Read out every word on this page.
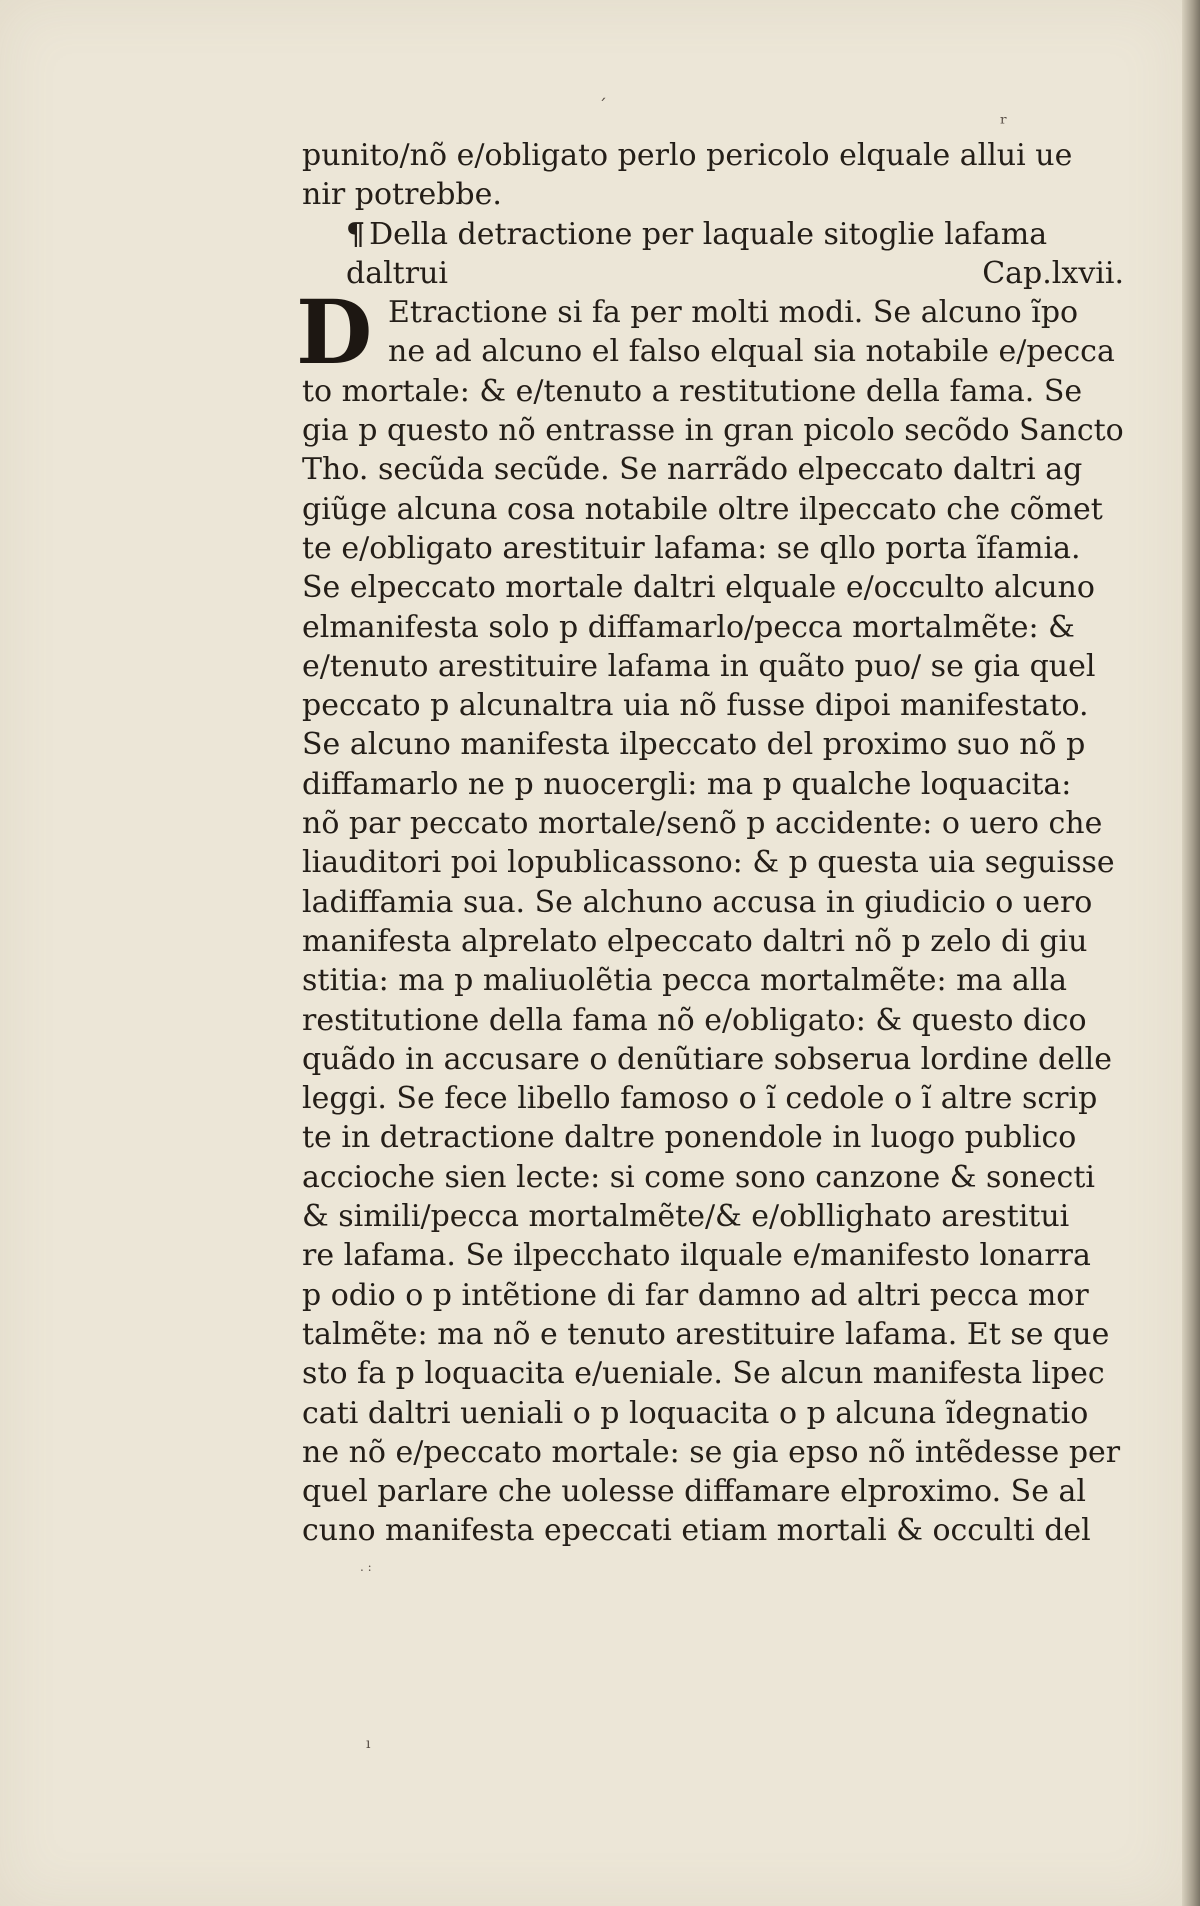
´
ʳ
punito/nõ e/obligato perlo pericolo elquale allui ue
nir potrebbe.
¶ Della detractione per laquale sitoglie lafama
daltrui	Cap.lxvii.
D Etractione si fa per molti modi. Se alcuno ĩpo
ne ad alcuno el falso elqual sia notabile e/pecca
to mortale: & e/tenuto a restitutione della fama. Se
gia p questo nõ entrasse in gran picolo secõdo Sancto
Tho. secũda secũde. Se narrãdo elpeccato daltri ag
giũge alcuna cosa notabile oltre ilpeccato che cõmet
te e/obligato arestituir lafama: se qllo porta ĩfamia.
Se elpeccato mortale daltri elquale e/occulto alcuno
elmanifesta solo p diffamarlo/pecca mortalmẽte: &
e/tenuto arestituire lafama in quãto puo/ se gia quel
peccato p alcunaltra uia nõ fusse dipoi manifestato.
Se alcuno manifesta ilpeccato del proximo suo nõ p
diffamarlo ne p nuocergli: ma p qualche loquacita:
nõ par peccato mortale/senõ p accidente: o uero che
liauditori poi lopublicassono: & p questa uia seguisse
ladiffamia sua. Se alchuno accusa in giudicio o uero
manifesta alprelato elpeccato daltri nõ p zelo di giu
stitia: ma p maliuolẽtia pecca mortalmẽte: ma alla
restitutione della fama nõ e/obligato: & questo dico
quãdo in accusare o denũtiare sobserua lordine delle
leggi. Se fece libello famoso o ĩ cedole o ĩ altre scrip
te in detractione daltre ponendole in luogo publico
accioche sien lecte: si come sono canzone & sonecti
& simili/pecca mortalmẽte/& e/obllighato arestitui
re lafama. Se ilpecchato ilquale e/manifesto lonarra
p odio o p intẽtione di far damno ad altri pecca mor
talmẽte: ma nõ e tenuto arestituire lafama. Et se que
sto fa p loquacita e/ueniale. Se alcun manifesta lipec
cati daltri ueniali o p loquacita o p alcuna ĩdegnatio
ne nõ e/peccato mortale: se gia epso nõ intẽdesse per
quel parlare che uolesse diffamare elproximo. Se al
cuno manifesta epeccati etiam mortali & occulti del
. :
ı
